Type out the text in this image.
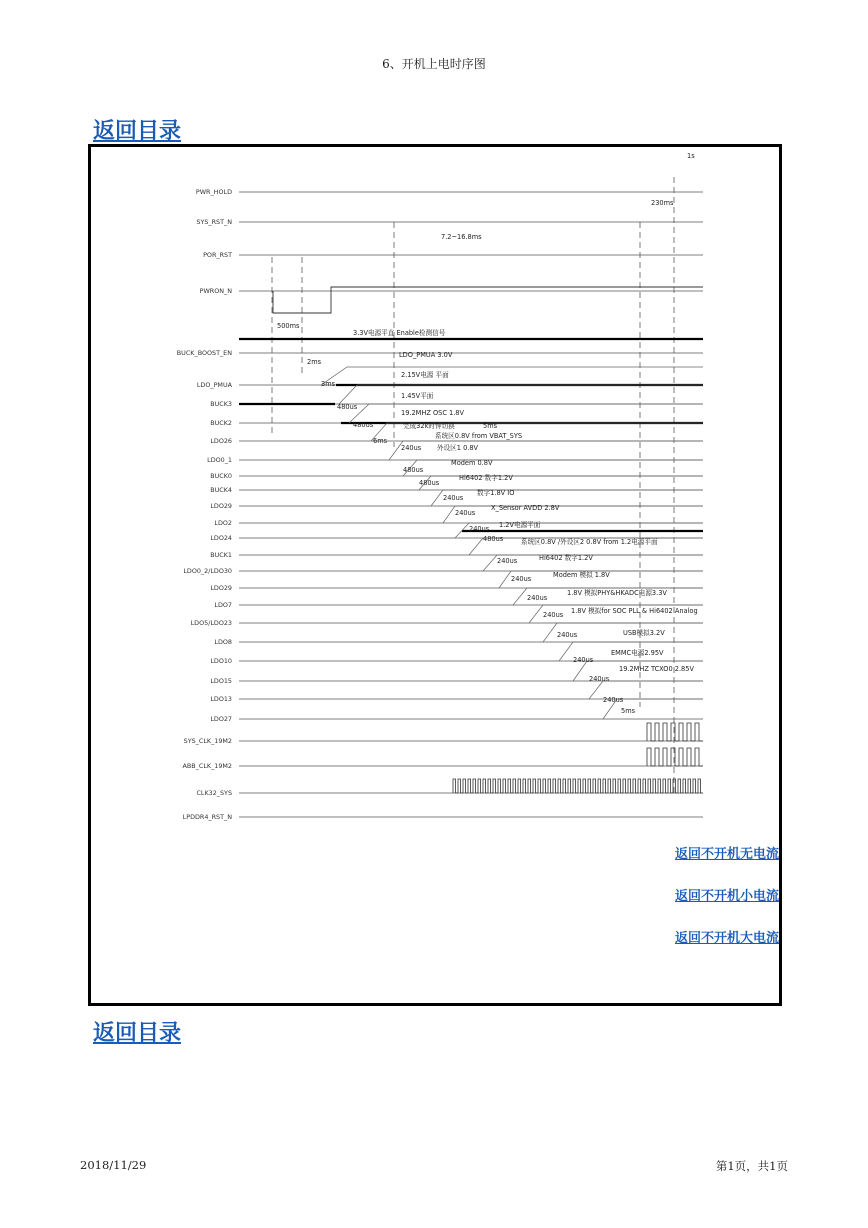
6、开机上电时序图
返回目录
PWR_HOLD
SYS_RST_N
POR_RST
PWRON_N
BUCK_BOOST_EN
LDO_PMUA
BUCK3
BUCK2
LDO26
LDO0_1
BUCK0
BUCK4
LDO29
LDO2
LDO24
BUCK1
LDO0_2/LDO30
LDO29
LDO7
LDO5/LDO23
LDO8
LDO10
LDO15
LDO13
LDO27
SYS_CLK_19M2
ABB_CLK_19M2
CLK32_SYS
LPDDR4_RST_N
1s
230ms
7.2~16.8ms
500ms
3.3V电源平直 Enable检测信号
2ms
LDO_PMUA 3.0V
3ms
2.15V电源 平面
480us
1.45V平面
480us
19.2MHZ OSC 1.8V
完成32k时钟切换	5ms
6ms
系统区0.8V from VBAT_SYS
240us 外设区1 0.8V
480us
Modem 0.8V
480us
Hi6402 数字1.2V
240us
数字1.8V IO
240us
X_Sensor AVDD 2.8V
240us 1.2V电源平面
480us	系统区0.8V /外设区2 0.8V from 1.2电源平面
240us	Hi6402 数字1.2V
240us	Modem 模拟 1.8V
240us
1.8V 模拟PHY&HKADC电源3.3V
240us 1.8V 模拟for SOC PLL & Hi6402 Analog
240us	USB模拟3.2V
240us
EMMC电源2.95V
240us
19.2MHZ TCXO0 2.85V
240us
5ms
返回不开机无电流
返回不开机小电流
返回不开机大电流
返回目录
2018/11/29	第1页，共1页
